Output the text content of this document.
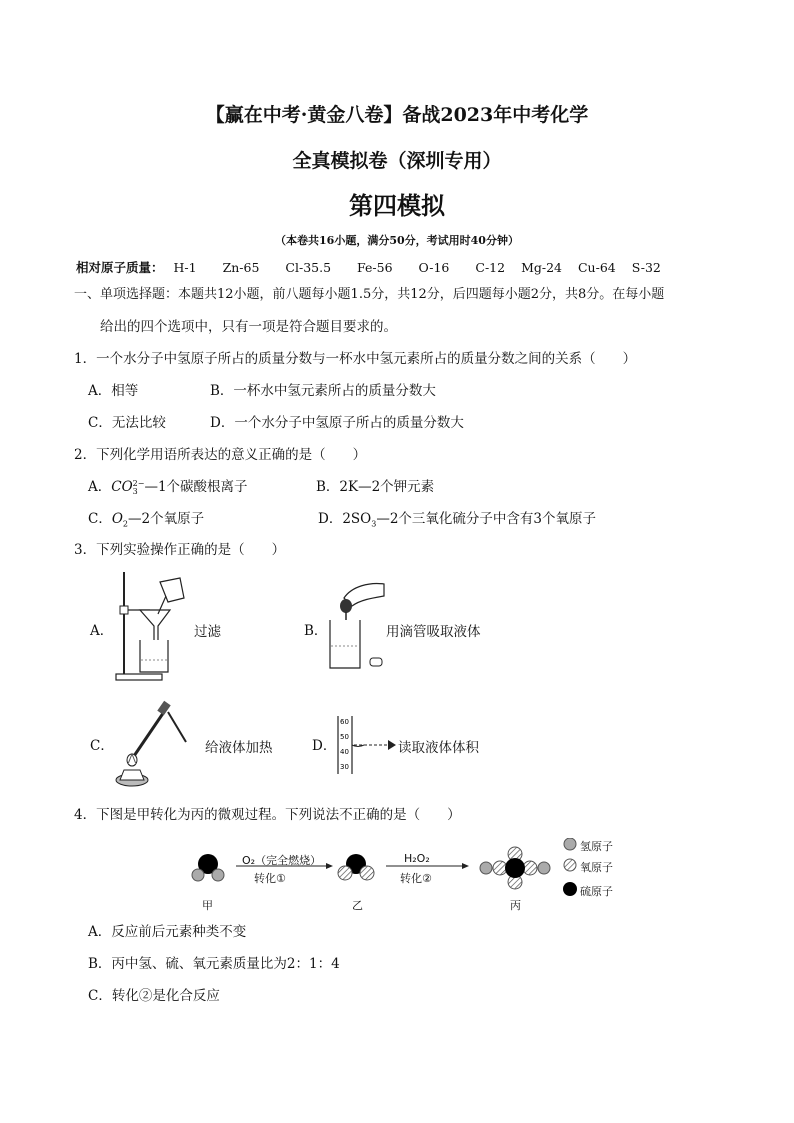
【赢在中考·黄金八卷】备战2023年中考化学
全真模拟卷（深圳专用）
第四模拟
（本卷共16小题，满分50分，考试用时40分钟）
相对原子质量： H-1 Zn-65 Cl-35.5 Fe-56 O-16 C-12 Mg-24 Cu-64 S-32
一、单项选择题：本题共12小题，前八题每小题1.5分，共12分，后四题每小题2分，共8分。在每小题
给出的四个选项中，只有一项是符合题目要求的。
1．一个水分子中氢原子所占的质量分数与一杯水中氢元素所占的质量分数之间的关系（　　）
A．相等	B．一杯水中氢元素所占的质量分数大
C．无法比较	D．一个水分子中氢原子所占的质量分数大
2．下列化学用语所表达的意义正确的是（　　）
A．CO 2−
3 —1个碳酸根离子	B．2K—2个钾元素
C．$O_2—2$个氧原子	D．$2SO_3—2$个三氧化硫分子中含有3个氧原子
3．下列实验操作正确的是（　　）
A．	过滤	B．	用滴管吸取液体
C．	给液体加热	D．
60
50
40
30
读取液体体积
4．下图是甲转化为丙的微观过程。下列说法不正确的是（　　）
O₂（完全燃烧）
转化①
H₂O₂
转化②
甲	乙	丙
氢原子
氧原子
硫原子
A．反应前后元素种类不变
B．丙中氢、硫、氧元素质量比为2：1：4
C．转化②是化合反应
